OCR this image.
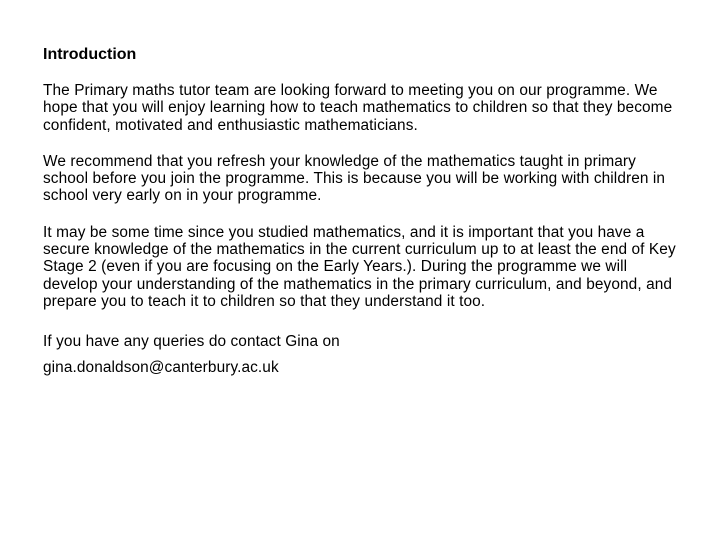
Introduction

The Primary maths tutor team are looking forward to meeting you on our programme. We hope that you will enjoy learning how to teach mathematics to children so that they become confident, motivated and enthusiastic mathematicians.

We recommend that you refresh your knowledge of the mathematics taught in primary school before you join the programme. This is because you will be working with children in school very early on in your programme.

It may be some time since you studied mathematics, and it is important that you have a secure knowledge of the mathematics in the current curriculum up to at least the end of Key Stage 2 (even if you are focusing on the Early Years.). During the programme we will develop your understanding of the mathematics in the primary curriculum, and beyond, and prepare you to teach it to children so that they understand it too.

If you have any queries do contact Gina on
gina.donaldson@canterbury.ac.uk
